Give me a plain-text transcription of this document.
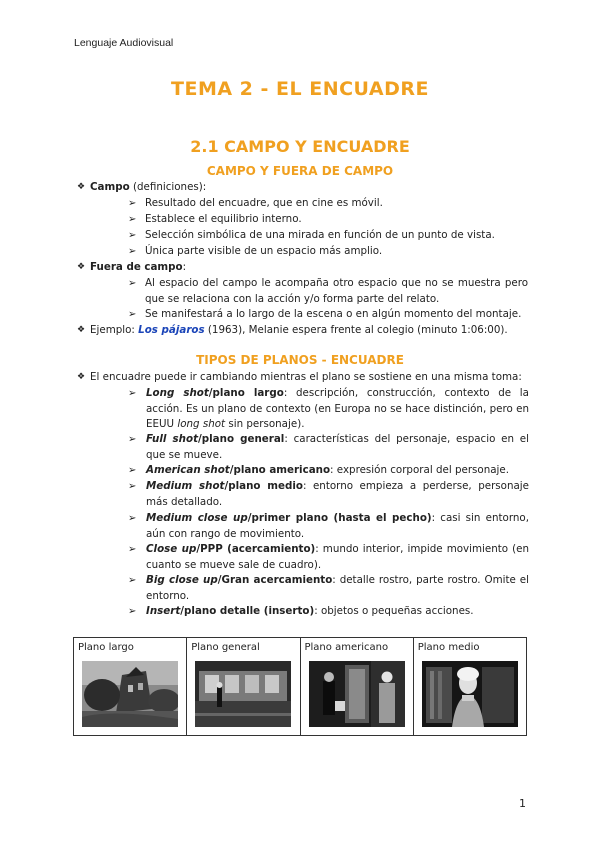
Lenguaje Audiovisual
TEMA 2 - EL ENCUADRE
2.1 CAMPO Y ENCUADRE
CAMPO Y FUERA DE CAMPO
❖ Campo (definiciones):
➢ Resultado del encuadre, que en cine es móvil.
➢ Establece el equilibrio interno.
➢ Selección simbólica de una mirada en función de un punto de vista.
➢ Única parte visible de un espacio más amplio.
❖ Fuera de campo:
➢ Al espacio del campo le acompaña otro espacio que no se muestra pero que se relaciona con la acción y/o forma parte del relato.
➢ Se manifestará a lo largo de la escena o en algún momento del montaje.
❖ Ejemplo: Los pájaros (1963), Melanie espera frente al colegio (minuto 1:06:00).
TIPOS DE PLANOS - ENCUADRE
❖ El encuadre puede ir cambiando mientras el plano se sostiene en una misma toma:
➢ Long shot/plano largo: descripción, construcción, contexto de la acción. Es un plano de contexto (en Europa no se hace distinción, pero en EEUU long shot sin personaje).
➢ Full shot/plano general: características del personaje, espacio en el que se mueve.
➢ American shot/plano americano: expresión corporal del personaje.
➢ Medium shot/plano medio: entorno empieza a perderse, personaje más detallado.
➢ Medium close up/primer plano (hasta el pecho): casi sin entorno, aún con rango de movimiento.
➢ Close up/PPP (acercamiento): mundo interior, impide movimiento (en cuanto se mueve sale de cuadro).
➢ Big close up/Gran acercamiento: detalle rostro, parte rostro. Omite el entorno.
➢ Insert/plano detalle (inserto): objetos o pequeñas acciones.
Plano largo	Plano general	Plano americano	Plano medio
1
